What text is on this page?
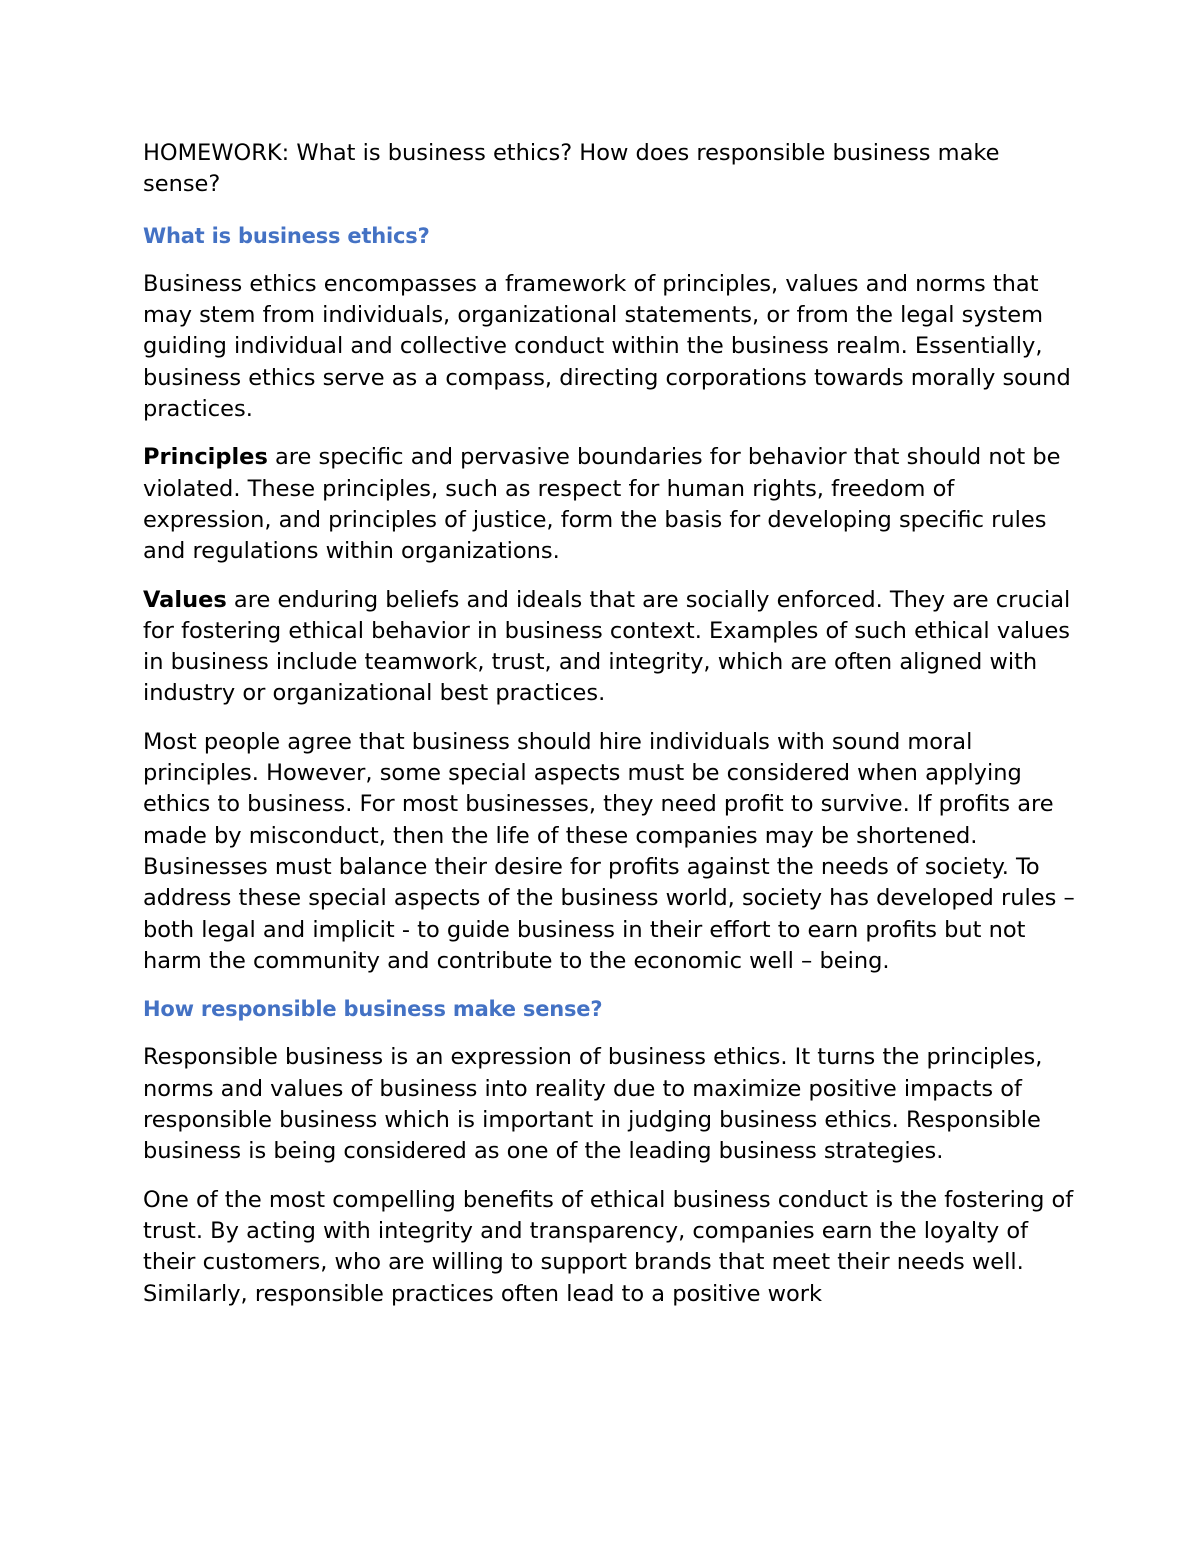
HOMEWORK: What is business ethics? How does responsible business make sense?

What is business ethics?

Business ethics encompasses a framework of principles, values and norms that may stem from individuals, organizational statements, or from the legal system guiding individual and collective conduct within the business realm. Essentially, business ethics serve as a compass, directing corporations towards morally sound practices.

Principles are specific and pervasive boundaries for behavior that should not be violated. These principles, such as respect for human rights, freedom of expression, and principles of justice, form the basis for developing specific rules and regulations within organizations.

Values are enduring beliefs and ideals that are socially enforced. They are crucial for fostering ethical behavior in business context. Examples of such ethical values in business include teamwork, trust, and integrity, which are often aligned with industry or organizational best practices.

Most people agree that business should hire individuals with sound moral principles. However, some special aspects must be considered when applying ethics to business. For most businesses, they need profit to survive. If profits are made by misconduct, then the life of these companies may be shortened. Businesses must balance their desire for profits against the needs of society. To address these special aspects of the business world, society has developed rules – both legal and implicit - to guide business in their effort to earn profits but not harm the community and contribute to the economic well – being.

How responsible business make sense?

Responsible business is an expression of business ethics. It turns the principles, norms and values of business into reality due to maximize positive impacts of responsible business which is important in judging business ethics. Responsible business is being considered as one of the leading business strategies.

One of the most compelling benefits of ethical business conduct is the fostering of trust. By acting with integrity and transparency, companies earn the loyalty of their customers, who are willing to support brands that meet their needs well. Similarly, responsible practices often lead to a positive work
